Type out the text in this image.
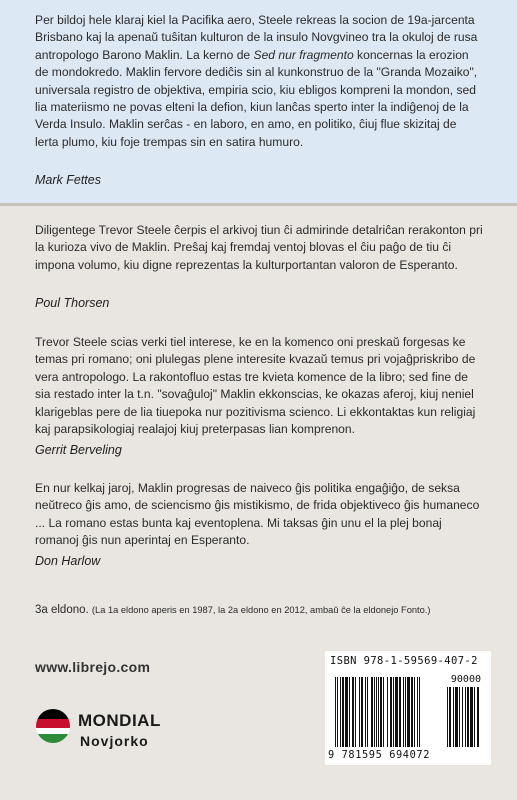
Per bildoj hele klaraj kiel la Pacifika aero, Steele rekreas la socion de 19a-jarcenta Brisbano kaj la apenaŭ tuŝitan kulturon de la insulo Novgvineo tra la okuloj de rusa antropologo Barono Maklin. La kerno de Sed nur fragmento koncernas la erozion de mondokredo. Maklin fervore dediĉis sin al kunkonstruo de la "Granda Mozaiko", universala registro de objektiva, empiria scio, kiu ebligos kompreni la mondon, sed lia materiismo ne povas elteni la defion, kiun lanĉas sperto inter la indiĝenoj de la Verda Insulo. Maklin serĉas - en laboro, en amo, en politiko, ĉiuj flue skizitaj de lerta plumo, kiu foje trempas sin en satira humuro.

Mark Fettes
Diligentege Trevor Steele ĉerpis el arkivoj tiun ĉi admirinde detalriĉan rerakonton pri la kurioza vivo de Maklin. Preŝaj kaj fremdaj ventoj blovas el ĉiu paĝo de tiu ĉi impona volumo, kiu digne reprezentas la kulturportantan valoron de Esperanto.
Poul Thorsen
Trevor Steele scias verki tiel interese, ke en la komenco oni preskaŭ forgesas ke temas pri romano; oni plulegas plene interesite kvazaŭ temus pri vojaĝpriskribo de vera antropologo. La rakontofluo estas tre kvieta komence de la libro; sed fine de sia restado inter la t.n. "sovaĝuloj" Maklin ekkonscias, ke okazas aferoj, kiuj neniel klarigeblas pere de lia tiuepoka nur pozitivisma scienco. Li ekkontaktas kun religiaj kaj parapsikologiaj realajoj kiuj preterpasas lian komprenon.
Gerrit Berveling
En nur kelkaj jaroj, Maklin progresas de naiveco ĝis politika engaĝiĝo, de seksa neŭtreco ĝis amo, de sciencismo ĝis mistikismo, de frida objektiveco ĝis humaneco ... La romano estas bunta kaj eventoplena. Mi taksas ĝin unu el la plej bonaj romanoj ĝis nun aperintaj en Esperanto.
Don Harlow
3a eldono. (La 1a eldono aperis en 1987, la 2a eldono en 2012, ambaŭ ĉe la eldonejo Fonto.)
www.librejo.com
MONDIAL
Novjorko
ISBN 978-1-59569-407-2
90000
9 781595 694072
